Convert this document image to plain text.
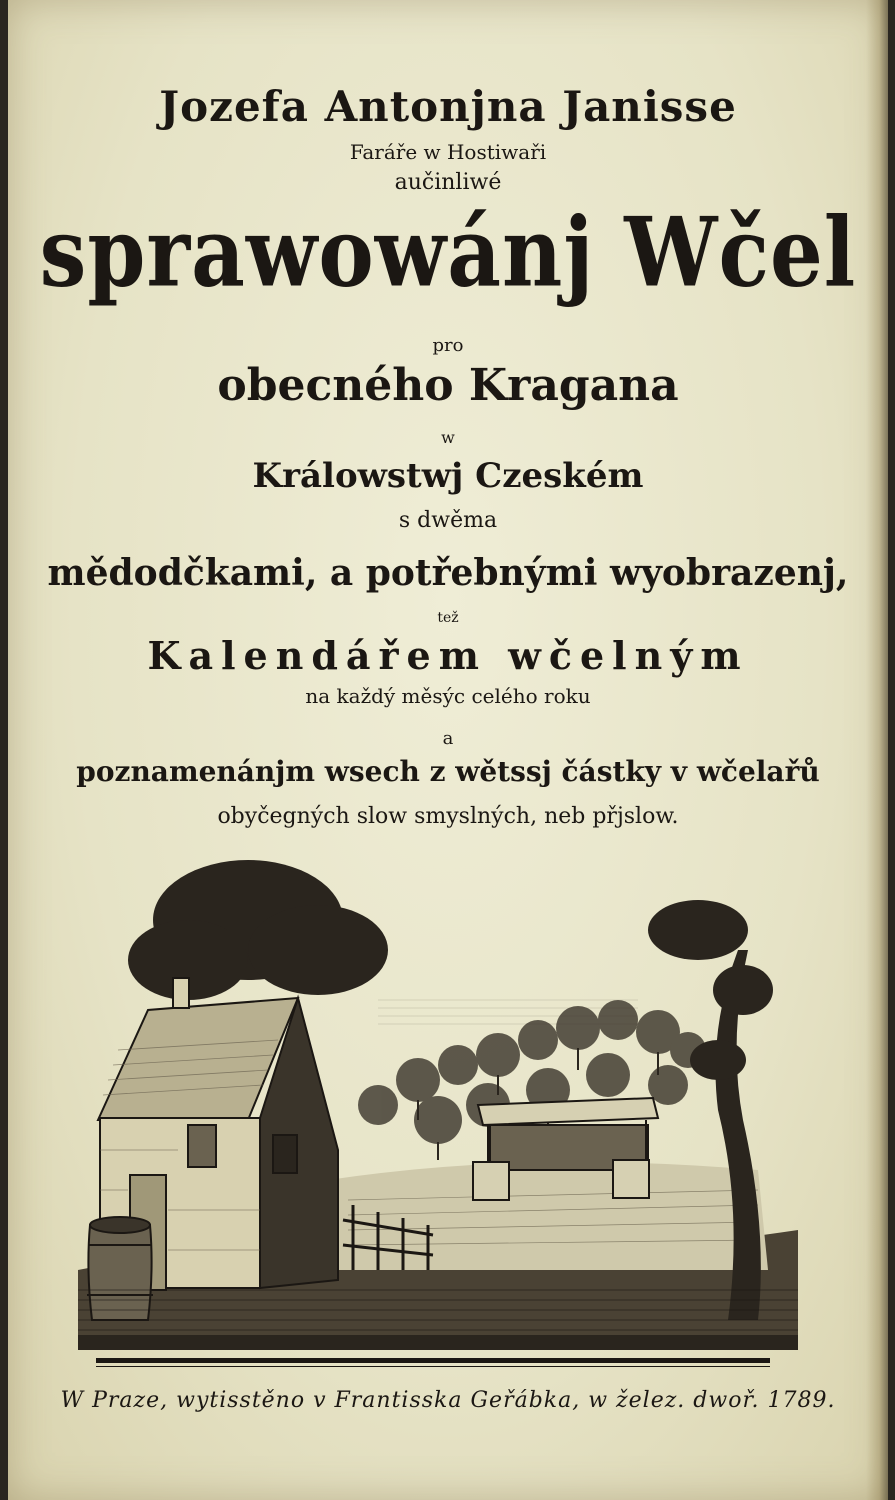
Jozefa Antonjna Janisse
Faráře w Hostiwaři
aučinliwé
sprawowánj Wčel
pro
obecného Kragana
w
Králowstwj Czeském
s dwěma
mědodčkami, a potřebnými wyobrazenj,
tež
Kalendářem wčelným
na každý měsýc celého roku
a
poznamenánjm wsech z wětssj částky v wčelařů
obyčegných slow smyslných, neb přjslow.
W Praze, wytisstěno v Frantisska Geřábka, w želez. dwoř. 1789.
